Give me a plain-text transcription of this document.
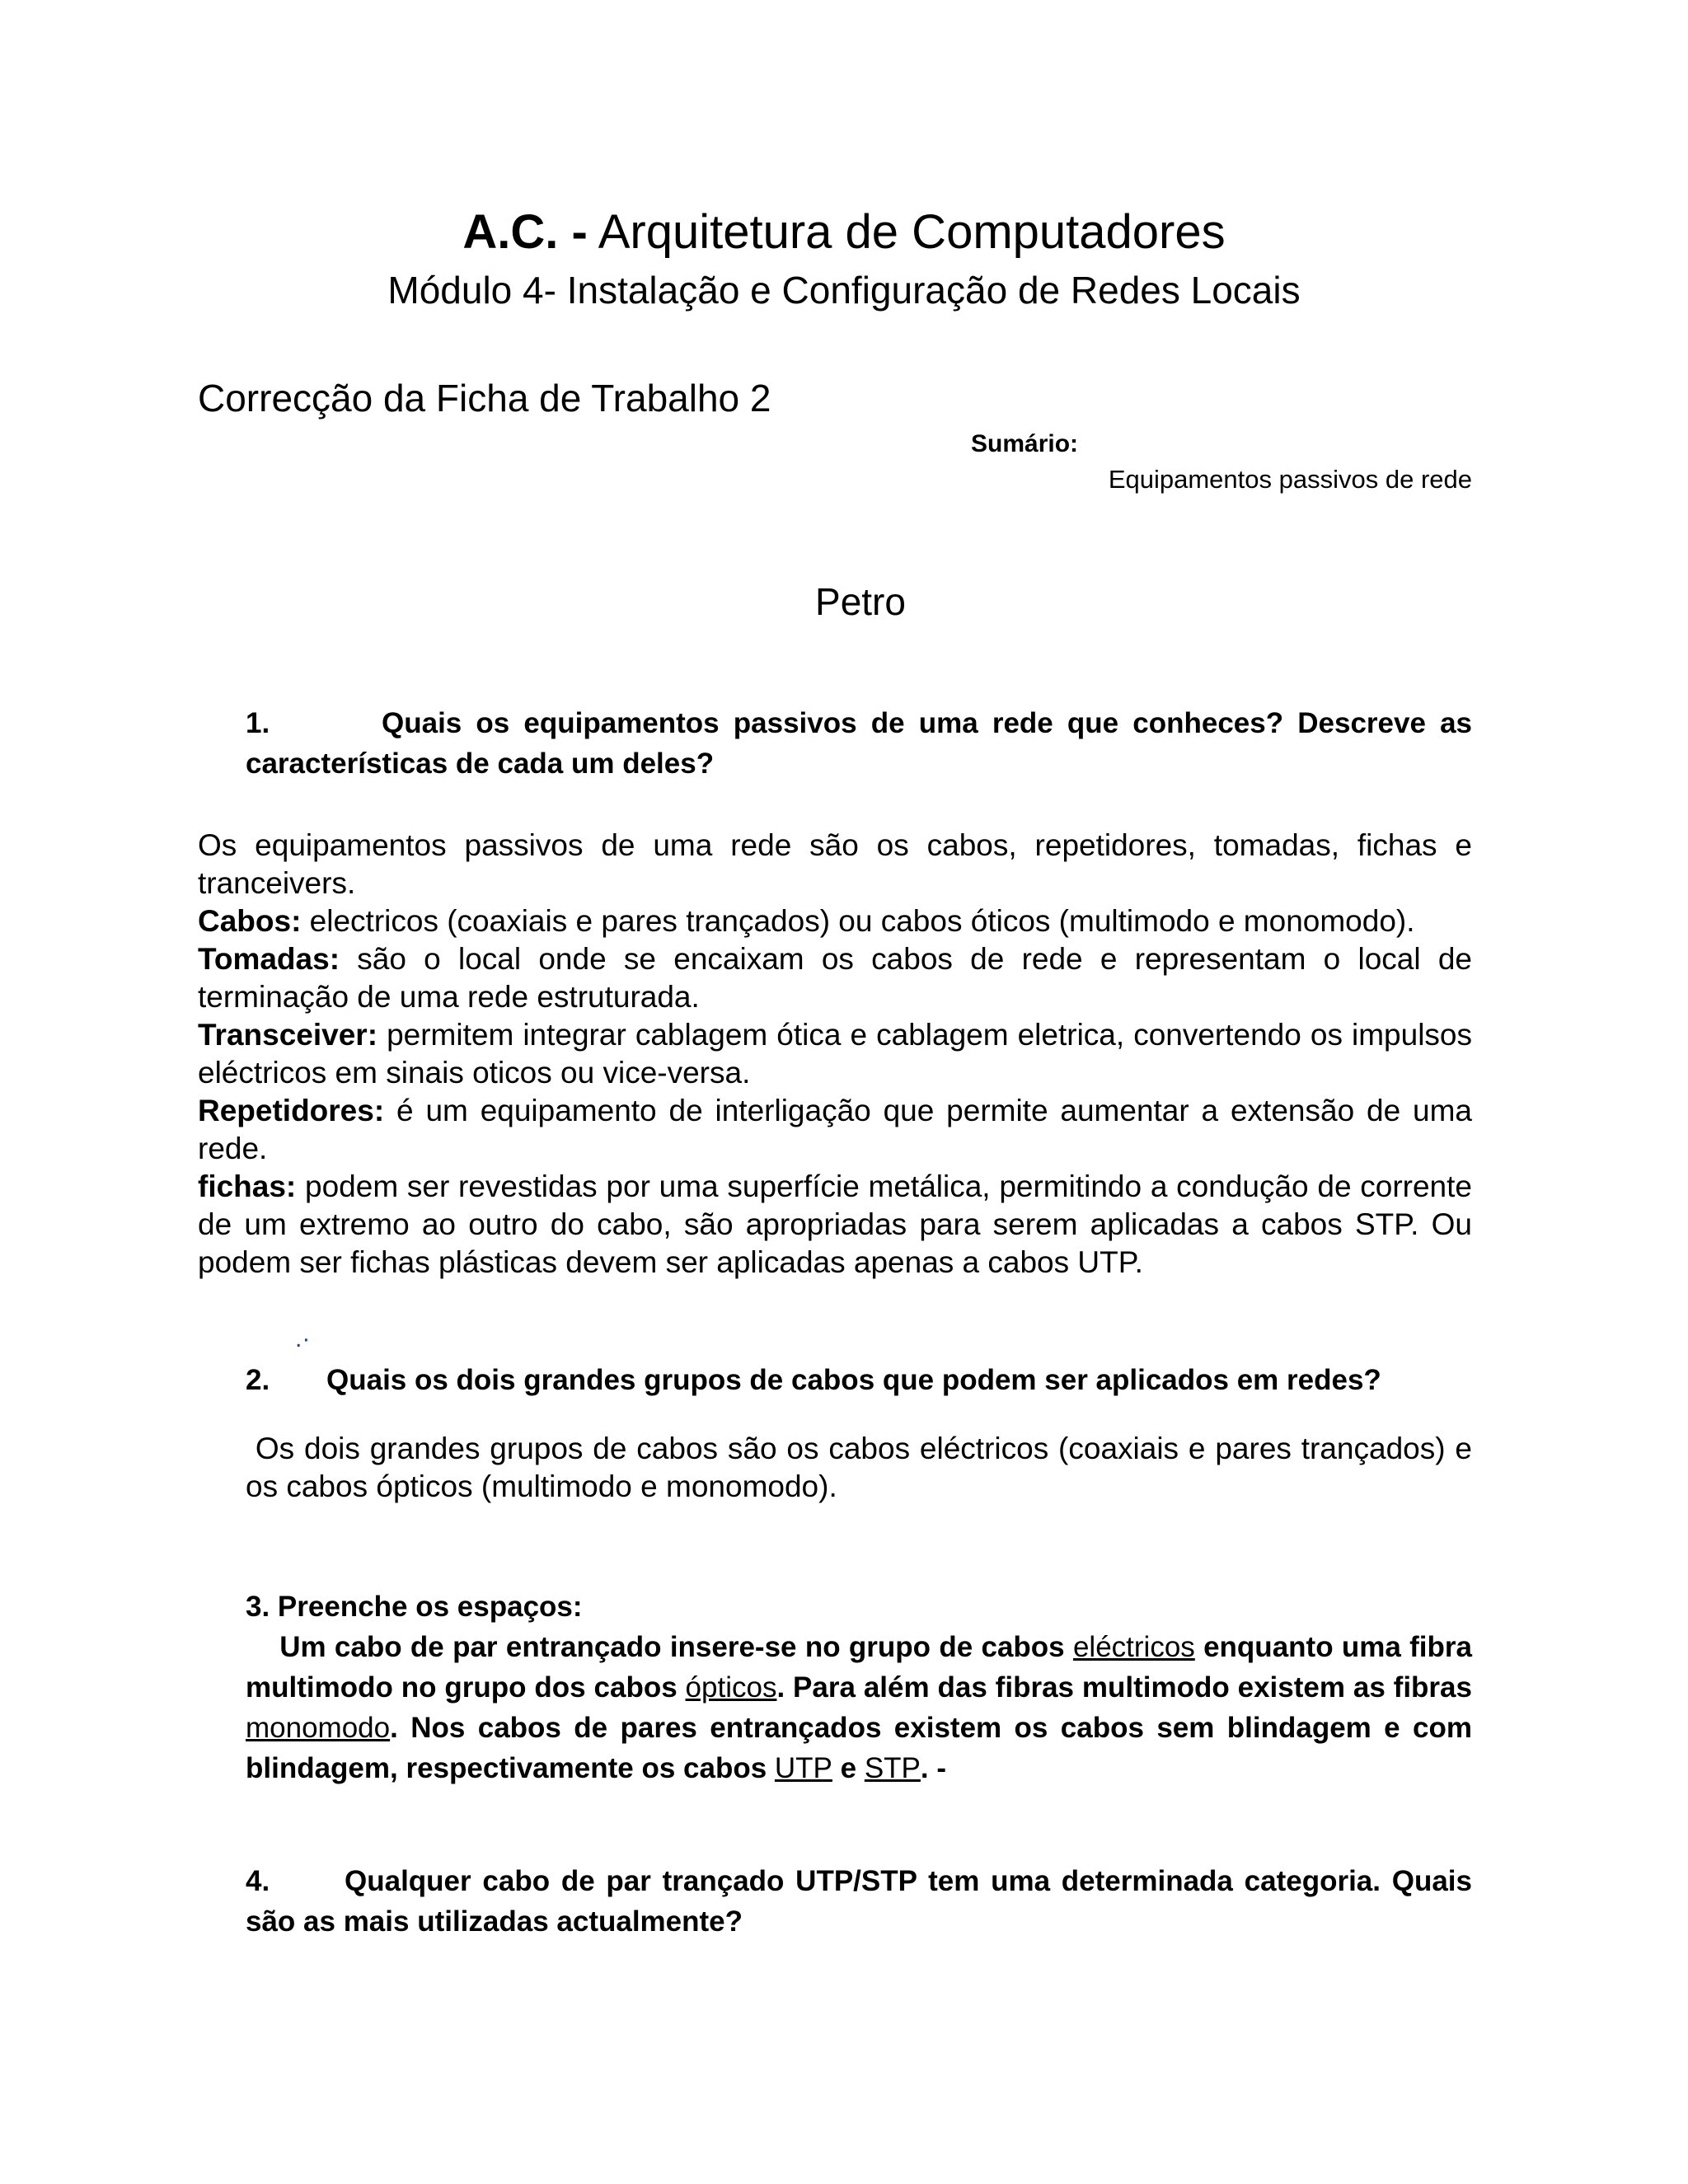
A.C. - Arquitetura de Computadores
Módulo 4- Instalação e Configuração de Redes Locais
Correcção da Ficha de Trabalho 2
Sumário:
Equipamentos passivos de rede
Petro
1.	Quais os equipamentos passivos de uma rede que conheces? Descreve as características de cada um deles?

Os equipamentos passivos de uma rede são os cabos, repetidores, tomadas, fichas e tranceivers.

Cabos: electricos (coaxiais e pares trançados) ou cabos óticos (multimodo e monomodo).

Tomadas: são o local onde se encaixam os cabos de rede e representam o local de terminação de uma rede estruturada.

Transceiver: permitem integrar cablagem ótica e cablagem eletrica, convertendo os impulsos eléctricos em sinais oticos ou vice-versa.

Repetidores: é um equipamento de interligação que permite aumentar a extensão de uma rede.

fichas: podem ser revestidas por uma superfície metálica, permitindo a condução de corrente de um extremo ao outro do cabo, são apropriadas para serem aplicadas a cabos STP. Ou podem ser fichas plásticas devem ser aplicadas apenas a cabos UTP.

.·
2. Quais os dois grandes grupos de cabos que podem ser aplicados em redes?
Os dois grandes grupos de cabos são os cabos eléctricos (coaxiais e pares trançados) e os cabos ópticos (multimodo e monomodo).
3. Preenche os espaços:
Um cabo de par entrançado insere-se no grupo de cabos eléctricos enquanto uma fibra multimodo no grupo dos cabos ópticos. Para além das fibras multimodo existem as fibras monomodo. Nos cabos de pares entrançados existem os cabos sem blindagem e com blindagem, respectivamente os cabos UTP e STP. -
4.	Qualquer cabo de par trançado UTP/STP tem uma determinada categoria. Quais são as mais utilizadas actualmente?
